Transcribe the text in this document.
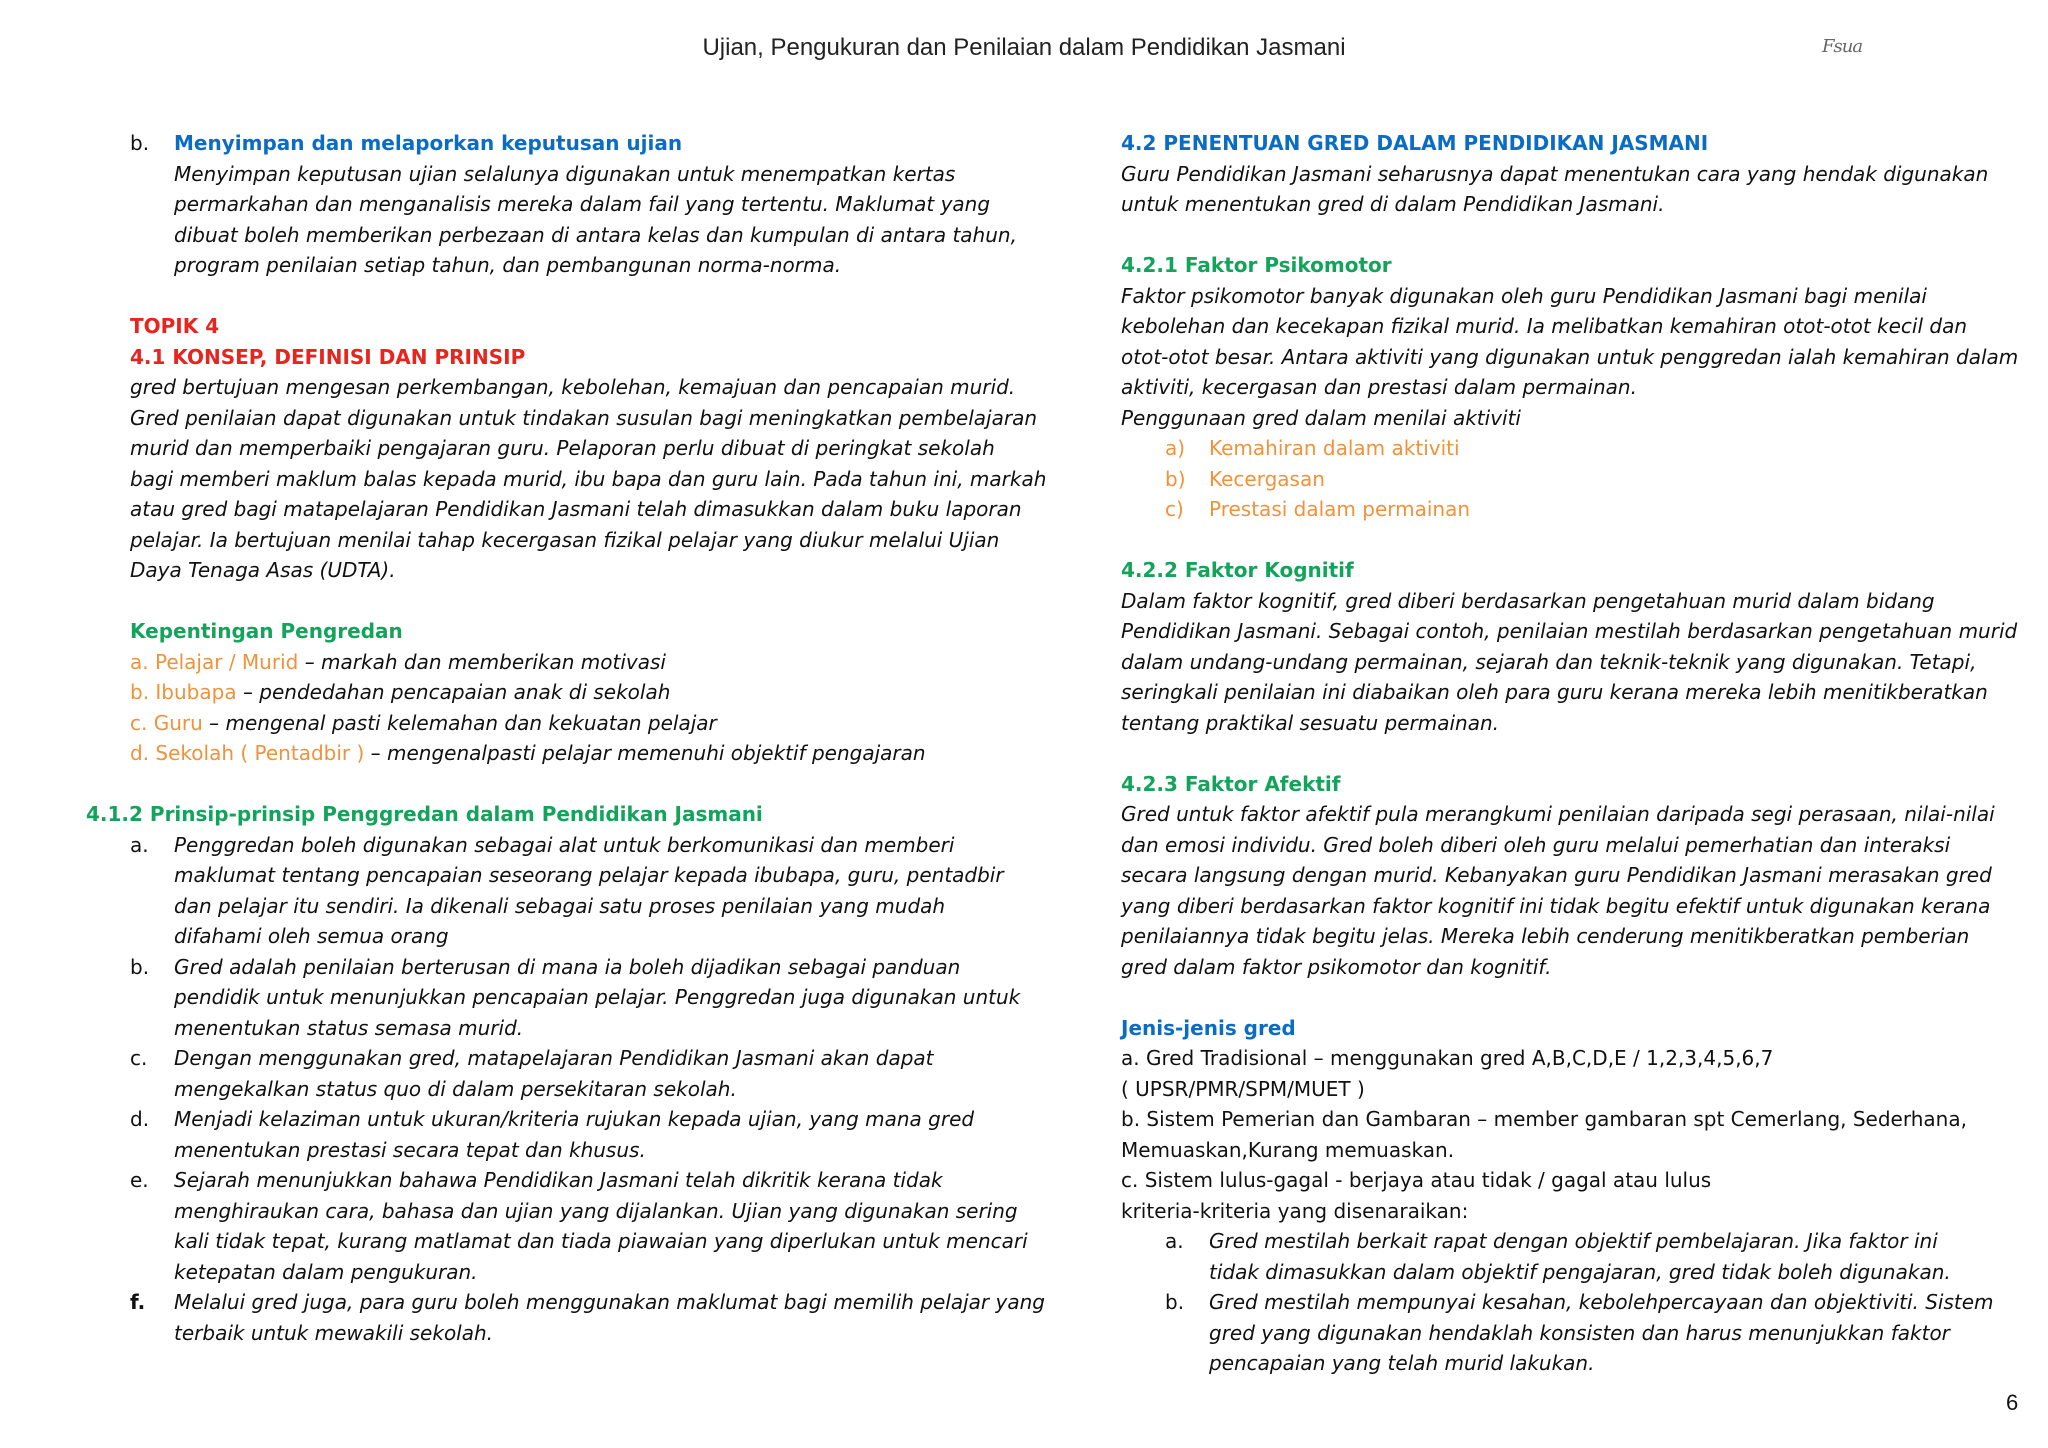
Ujian, Pengukuran dan Penilaian dalam Pendidikan Jasmani	Fsua
b.	Menyimpan dan melaporkan keputusan ujian
Menyimpan keputusan ujian selalunya digunakan untuk menempatkan kertas
permarkahan dan menganalisis mereka dalam fail yang tertentu. Maklumat yang
dibuat boleh memberikan perbezaan di antara kelas dan kumpulan di antara tahun,
program penilaian setiap tahun, dan pembangunan norma-norma.
TOPIK 4
4.1 KONSEP, DEFINISI DAN PRINSIP
gred bertujuan mengesan perkembangan, kebolehan, kemajuan dan pencapaian murid.
Gred penilaian dapat digunakan untuk tindakan susulan bagi meningkatkan pembelajaran
murid dan memperbaiki pengajaran guru. Pelaporan perlu dibuat di peringkat sekolah
bagi memberi maklum balas kepada murid, ibu bapa dan guru lain. Pada tahun ini, markah
atau gred bagi matapelajaran Pendidikan Jasmani telah dimasukkan dalam buku laporan
pelajar. Ia bertujuan menilai tahap kecergasan fizikal pelajar yang diukur melalui Ujian
Daya Tenaga Asas (UDTA).
Kepentingan Pengredan
a. Pelajar / Murid – markah dan memberikan motivasi
b. Ibubapa – pendedahan pencapaian anak di sekolah
c. Guru – mengenal pasti kelemahan dan kekuatan pelajar
d. Sekolah ( Pentadbir ) – mengenalpasti pelajar memenuhi objektif pengajaran
4.1.2 Prinsip-prinsip Penggredan dalam Pendidikan Jasmani
a.	Penggredan boleh digunakan sebagai alat untuk berkomunikasi dan memberi
maklumat tentang pencapaian seseorang pelajar kepada ibubapa, guru, pentadbir
dan pelajar itu sendiri. Ia dikenali sebagai satu proses penilaian yang mudah
difahami oleh semua orang
b.	Gred adalah penilaian berterusan di mana ia boleh dijadikan sebagai panduan
pendidik untuk menunjukkan pencapaian pelajar. Penggredan juga digunakan untuk
menentukan status semasa murid.
c.	Dengan menggunakan gred, matapelajaran Pendidikan Jasmani akan dapat
mengekalkan status quo di dalam persekitaran sekolah.
d.	Menjadi kelaziman untuk ukuran/kriteria rujukan kepada ujian, yang mana gred
menentukan prestasi secara tepat dan khusus.
e.	Sejarah menunjukkan bahawa Pendidikan Jasmani telah dikritik kerana tidak
menghiraukan cara, bahasa dan ujian yang dijalankan. Ujian yang digunakan sering
kali tidak tepat, kurang matlamat dan tiada piawaian yang diperlukan untuk mencari
ketepatan dalam pengukuran.
f.	Melalui gred juga, para guru boleh menggunakan maklumat bagi memilih pelajar yang
terbaik untuk mewakili sekolah.
4.2 PENENTUAN GRED DALAM PENDIDIKAN JASMANI
Guru Pendidikan Jasmani seharusnya dapat menentukan cara yang hendak digunakan
untuk menentukan gred di dalam Pendidikan Jasmani.
4.2.1 Faktor Psikomotor
Faktor psikomotor banyak digunakan oleh guru Pendidikan Jasmani bagi menilai
kebolehan dan kecekapan fizikal murid. Ia melibatkan kemahiran otot-otot kecil dan
otot-otot besar. Antara aktiviti yang digunakan untuk penggredan ialah kemahiran dalam
aktiviti, kecergasan dan prestasi dalam permainan.
Penggunaan gred dalam menilai aktiviti
a)	Kemahiran dalam aktiviti
b)	Kecergasan
c)	Prestasi dalam permainan
4.2.2 Faktor Kognitif
Dalam faktor kognitif, gred diberi berdasarkan pengetahuan murid dalam bidang
Pendidikan Jasmani. Sebagai contoh, penilaian mestilah berdasarkan pengetahuan murid
dalam undang-undang permainan, sejarah dan teknik-teknik yang digunakan. Tetapi,
seringkali penilaian ini diabaikan oleh para guru kerana mereka lebih menitikberatkan
tentang praktikal sesuatu permainan.
4.2.3 Faktor Afektif
Gred untuk faktor afektif pula merangkumi penilaian daripada segi perasaan, nilai-nilai
dan emosi individu. Gred boleh diberi oleh guru melalui pemerhatian dan interaksi
secara langsung dengan murid. Kebanyakan guru Pendidikan Jasmani merasakan gred
yang diberi berdasarkan faktor kognitif ini tidak begitu efektif untuk digunakan kerana
penilaiannya tidak begitu jelas. Mereka lebih cenderung menitikberatkan pemberian
gred dalam faktor psikomotor dan kognitif.
Jenis-jenis gred
a. Gred Tradisional – menggunakan gred A,B,C,D,E / 1,2,3,4,5,6,7
( UPSR/PMR/SPM/MUET )
b. Sistem Pemerian dan Gambaran – member gambaran spt Cemerlang, Sederhana,
Memuaskan,Kurang memuaskan.
c. Sistem lulus-gagal - berjaya atau tidak / gagal atau lulus
kriteria-kriteria yang disenaraikan:
a.	Gred mestilah berkait rapat dengan objektif pembelajaran. Jika faktor ini
tidak dimasukkan dalam objektif pengajaran, gred tidak boleh digunakan.
b.	Gred mestilah mempunyai kesahan, kebolehpercayaan dan objektiviti. Sistem
gred yang digunakan hendaklah konsisten dan harus menunjukkan faktor
pencapaian yang telah murid lakukan.
6
